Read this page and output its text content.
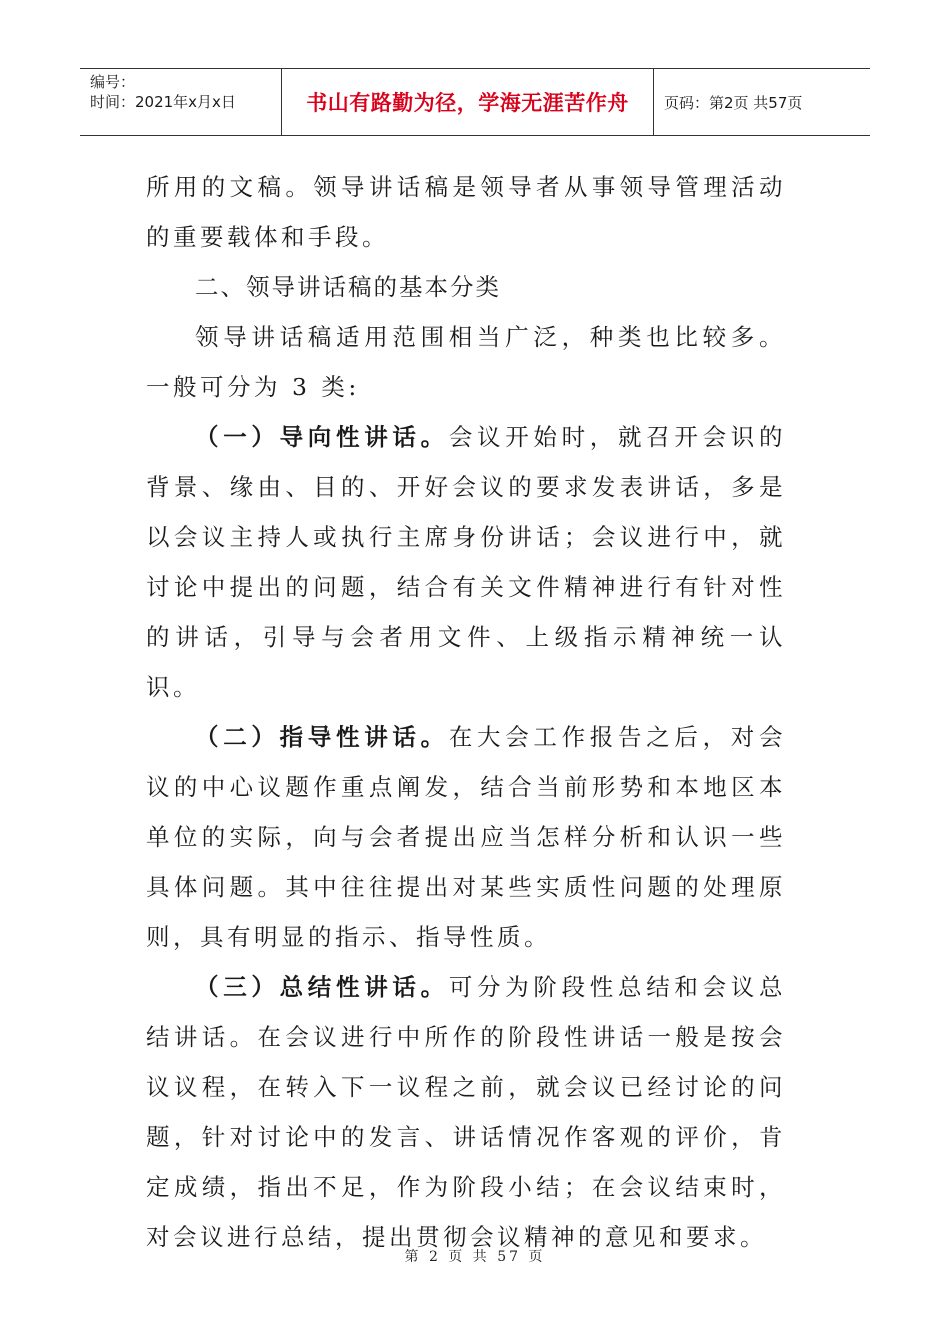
编号：
时间：2021年x月x日	书山有路勤为径，学海无涯苦作舟	页码：第2页 共57页

所用的文稿。领导讲话稿是领导者从事领导管理活动的重要载体和手段。

二、领导讲话稿的基本分类

领导讲话稿适用范围相当广泛，种类也比较多。一般可分为 3 类:

（一）导向性讲话。会议开始时，就召开会识的背景、缘由、目的、开好会议的要求发表讲话，多是以会议主持人或执行主席身份讲话；会议进行中，就讨论中提出的问题，结合有关文件精神进行有针对性的讲话，引导与会者用文件、上级指示精神统一认识。

（二）指导性讲话。在大会工作报告之后，对会议的中心议题作重点阐发，结合当前形势和本地区本单位的实际，向与会者提出应当怎样分析和认识一些具体问题。其中往往提出对某些实质性问题的处理原则，具有明显的指示、指导性质。

（三）总结性讲话。可分为阶段性总结和会议总结讲话。在会议进行中所作的阶段性讲话一般是按会议议程，在转入下一议程之前，就会议已经讨论的问题，针对讨论中的发言、讲话情况作客观的评价，肯定成绩，指出不足，作为阶段小结；在会议结束时，对会议进行总结，提出贯彻会议精神的意见和要求。

第 2 页 共 57 页
